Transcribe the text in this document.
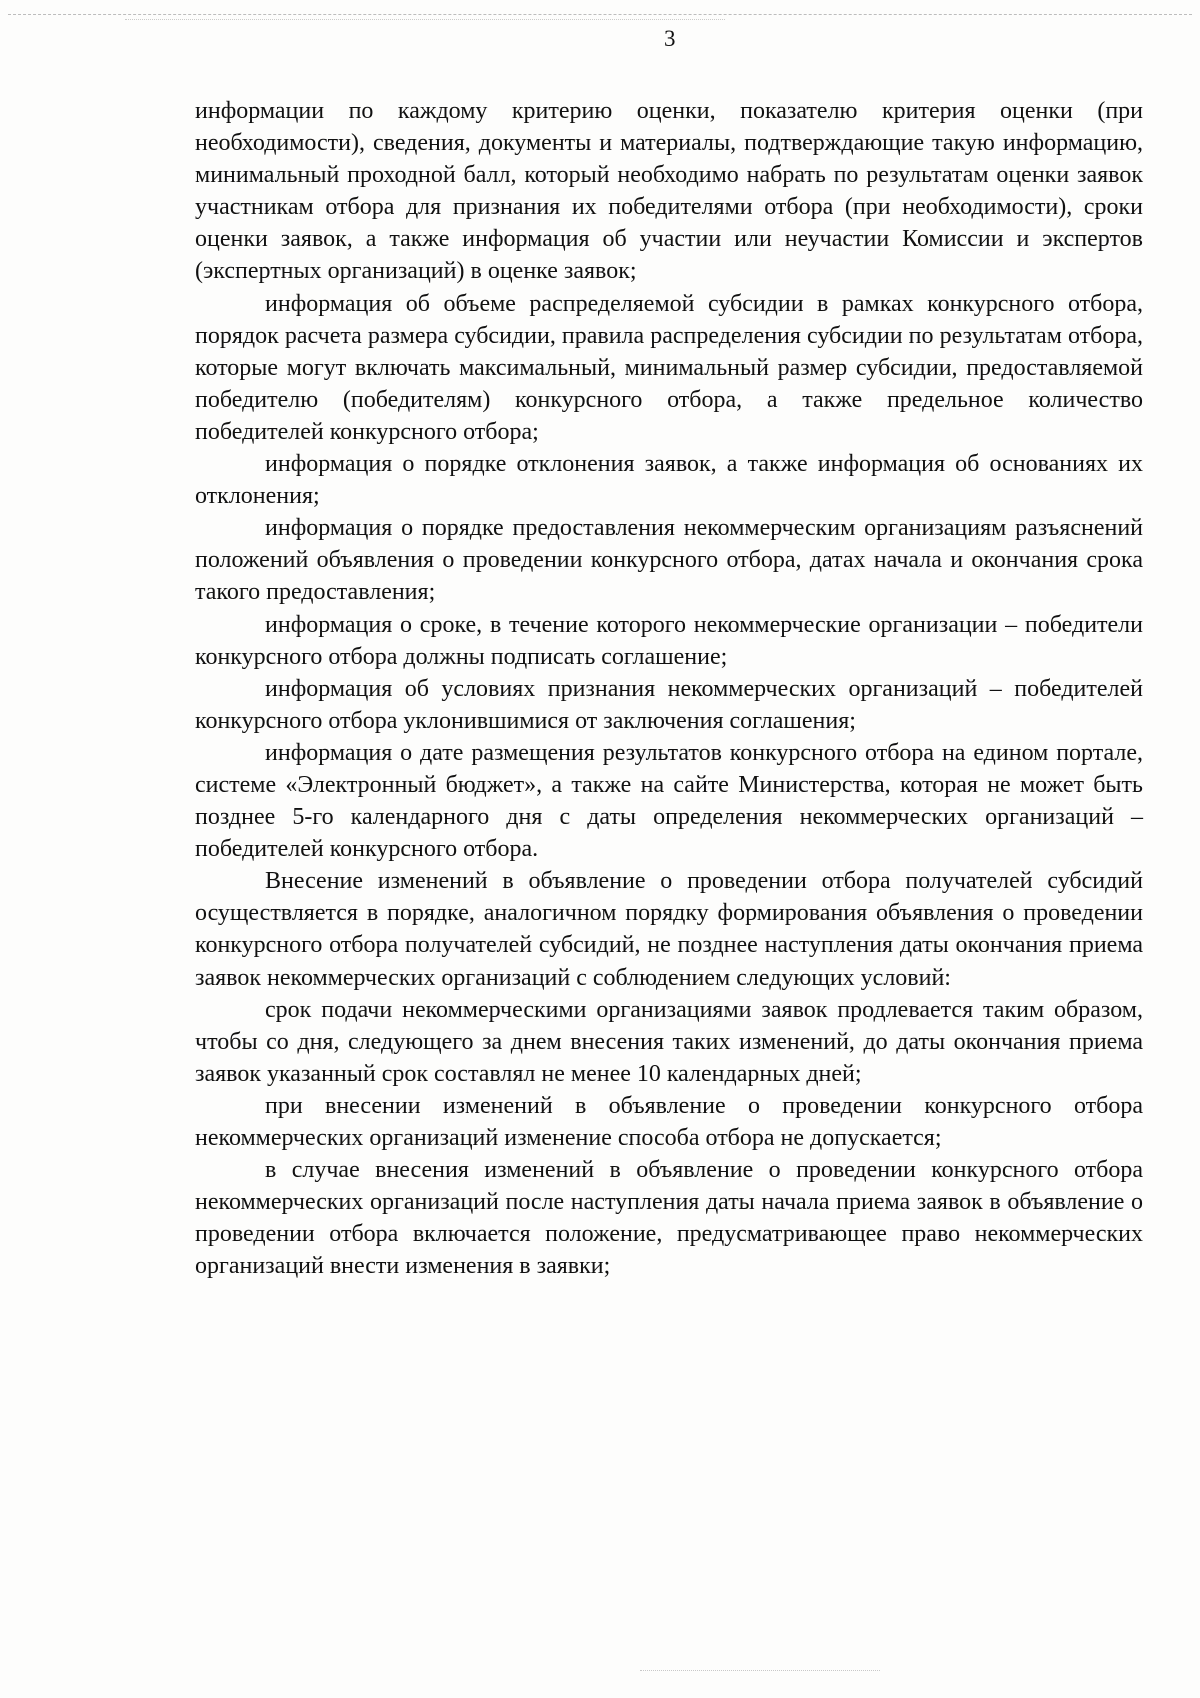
3

информации по каждому критерию оценки, показателю критерия оценки (при необходимости), сведения, документы и материалы, подтверждающие такую информацию, минимальный проходной балл, который необходимо набрать по результатам оценки заявок участникам отбора для признания их победителями отбора (при необходимости), сроки оценки заявок, а также информация об участии или неучастии Комиссии и экспертов (экспертных организаций) в оценке заявок;

информация об объеме распределяемой субсидии в рамках конкурсного отбора, порядок расчета размера субсидии, правила распределения субсидии по результатам отбора, которые могут включать максимальный, минимальный размер субсидии, предоставляемой победителю (победителям) конкурсного отбора, а также предельное количество победителей конкурсного отбора;

информация о порядке отклонения заявок, а также информация об основаниях их отклонения;

информация о порядке предоставления некоммерческим организациям разъяснений положений объявления о проведении конкурсного отбора, датах начала и окончания срока такого предоставления;

информация о сроке, в течение которого некоммерческие организации – победители конкурсного отбора должны подписать соглашение;

информация об условиях признания некоммерческих организаций – победителей конкурсного отбора уклонившимися от заключения соглашения;

информация о дате размещения результатов конкурсного отбора на едином портале, системе «Электронный бюджет», а также на сайте Министерства, которая не может быть позднее 5-го календарного дня с даты определения некоммерческих организаций – победителей конкурсного отбора.

Внесение изменений в объявление о проведении отбора получателей субсидий осуществляется в порядке, аналогичном порядку формирования объявления о проведении конкурсного отбора получателей субсидий, не позднее наступления даты окончания приема заявок некоммерческих организаций с соблюдением следующих условий:

срок подачи некоммерческими организациями заявок продлевается таким образом, чтобы со дня, следующего за днем внесения таких изменений, до даты окончания приема заявок указанный срок составлял не менее 10 календарных дней;

при внесении изменений в объявление о проведении конкурсного отбора некоммерческих организаций изменение способа отбора не допускается;

в случае внесения изменений в объявление о проведении конкурсного отбора некоммерческих организаций после наступления даты начала приема заявок в объявление о проведении отбора включается положение, предусматривающее право некоммерческих организаций внести изменения в заявки;
